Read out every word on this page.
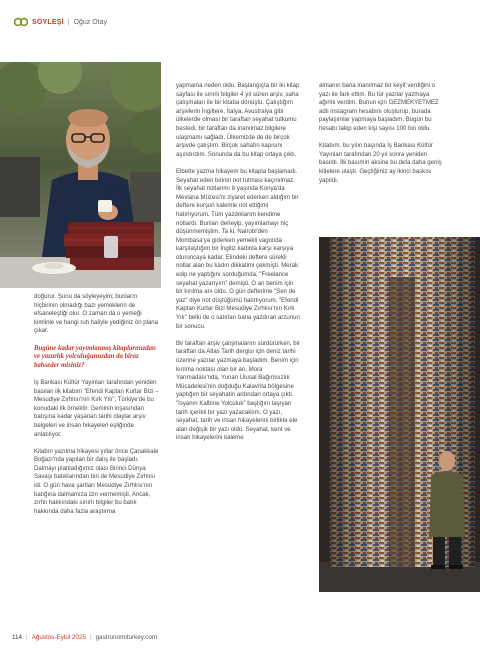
SÖYLEŞİ | Oğuz Otay

doğurur. Şunu da söyleyeyim; bunların hiçbirinin olmadığı bazı yemeklerin de efsaneleştiği olur. O zaman da o yemeği kimlinle ve hangi ruh haliyle yediğiniz ön plana çıkar.

Bugüne kadar yayımlanmış kitaplarınızdan ve yazarlık yolculuğunuzdan da biraz bahseder misiniz?

İş Bankası Kültür Yayınları tarafından yeniden basılan ilk kitabım "Efendi Kaptan Kurtar Bizi – Mesudiye Zırhlısı'nın Kırk Yılı", Türkiye'de bu konudaki ilk örnektir. Geminin inşasından batışına kadar yaşanan tarihi olaylar arşiv belgeleri ve insan hikayeleri eşliğinde anlatılıyor.

Kitabın yazılma hikayesi yıllar önce Çanakkale Boğazı'nda yapılan bir dalış ile başladı. Dalmayı planladığımız olası Birinci Dünya Savaşı batıklarından biri de Mesudiye Zırhlısı idi. O gün hava şartları Mesudiye Zırhlısı'nın batığına dalmamıza izin vermemişti. Ancak, zırhlı hakkındaki sınırlı bilgiler bu batık hakkında daha fazla araştırma

yapmama neden oldu. Başlangıçta bir iki kitap sayfası ile sınırlı bilgiler 4 yıl süren arşiv, saha çalışmaları ile bir kitaba dönüştü. Çalıştığım arşivlerin İngiltere, İtalya, Avustralya gibi ülkelerde olması bir taraftan seyahat tutkumu besledi, bir taraftan da inanılmaz bilgilere ulaşmamı sağladı. Ülkemizde de de birçok arşivde çalıştım. Birçok sahafın kapısını aşındırdım. Sonunda da bu kitap ortaya çıktı.

Elbette yazma hikayem bu kitapla başlamadı. Seyahat eden birinin not tutması kaçınılmaz. İlk seyahat notlarımı 8 yaşında Konya'da Mevlana Müzesi'ni ziyaret ederken aldığım bir deftere kurşun kalemle not ettiğimi hatırlıyorum. Tüm yazdıklarım kendime notlardı. Bunları derleyip, yayımlamayı hiç düşünmemiştim. Ta ki, Nairobi'den Mombasa'ya giderken yemekli vagonda karşılaştığım bir İngiliz kadınla karşı karşıya oturuncaya kadar. Elindeki deftere sürekli notlar alan bu kadın dikkatimi çekmişti. Merak edip ne yaptığını sorduğumda, "Freelance seyahat yazarıyım" demişti. O an benim için bir kırılma anı oldu. O gün defterime "Sen de yaz" diye not düştüğümü hatırlıyorum. "Efendi Kaptan Kurtar Bizi Mesudiye Zırhlısı'nın Kırk Yılı" belki de o satırları bana yazdıran arzunun bir sonucu.

Bir taraftan arşiv çalışmalarını sürdürürken, bir taraftan da Atlas Tarih dergisi için deniz tarihi üzerine yazılar yazmaya başladım. Benim için kırılma noktası olan bir an, Mora Yarımadası'nda, Yunan Ulusal Bağımsızlık Mücadelesi'nin doğduğu Kalavrita bölgesine yaptığım bir seyahatin ardından ortaya çıktı. "İsyanın Kalbine Yolculuk" başlığını taşıyan tarih içerikli bir yazı yazacaktım. O yazı, seyahat, tarih ve insan hikayelerini birlikte ele alan değişik bir yazı oldu. Seyahat, kent ve insan hikayelerini kaleme

almanın bana inanılmaz bir keyif verdiğini o yazı ile fark ettim. Bu tür yazılar yazmaya ağırlık verdim. Bunun için GEZMEKYETMEZ adlı instagram hesabını oluşturup, burada paylaşımlar yapmaya başladım. Bugün bu hesabı takip eden kişi sayısı 100 bin oldu.

Kitabım, bu yılın başında İş Bankası Kültür Yayınları tarafından 20 yıl sonra yeniden basıldı. İlk basımın aksine bu defa daha geniş kitlelere ulaştı. Geçtiğimiz ay ikinci baskısı yapıldı.

114 | Ağustos-Eylül 2025 | gastronomiturkey.com
